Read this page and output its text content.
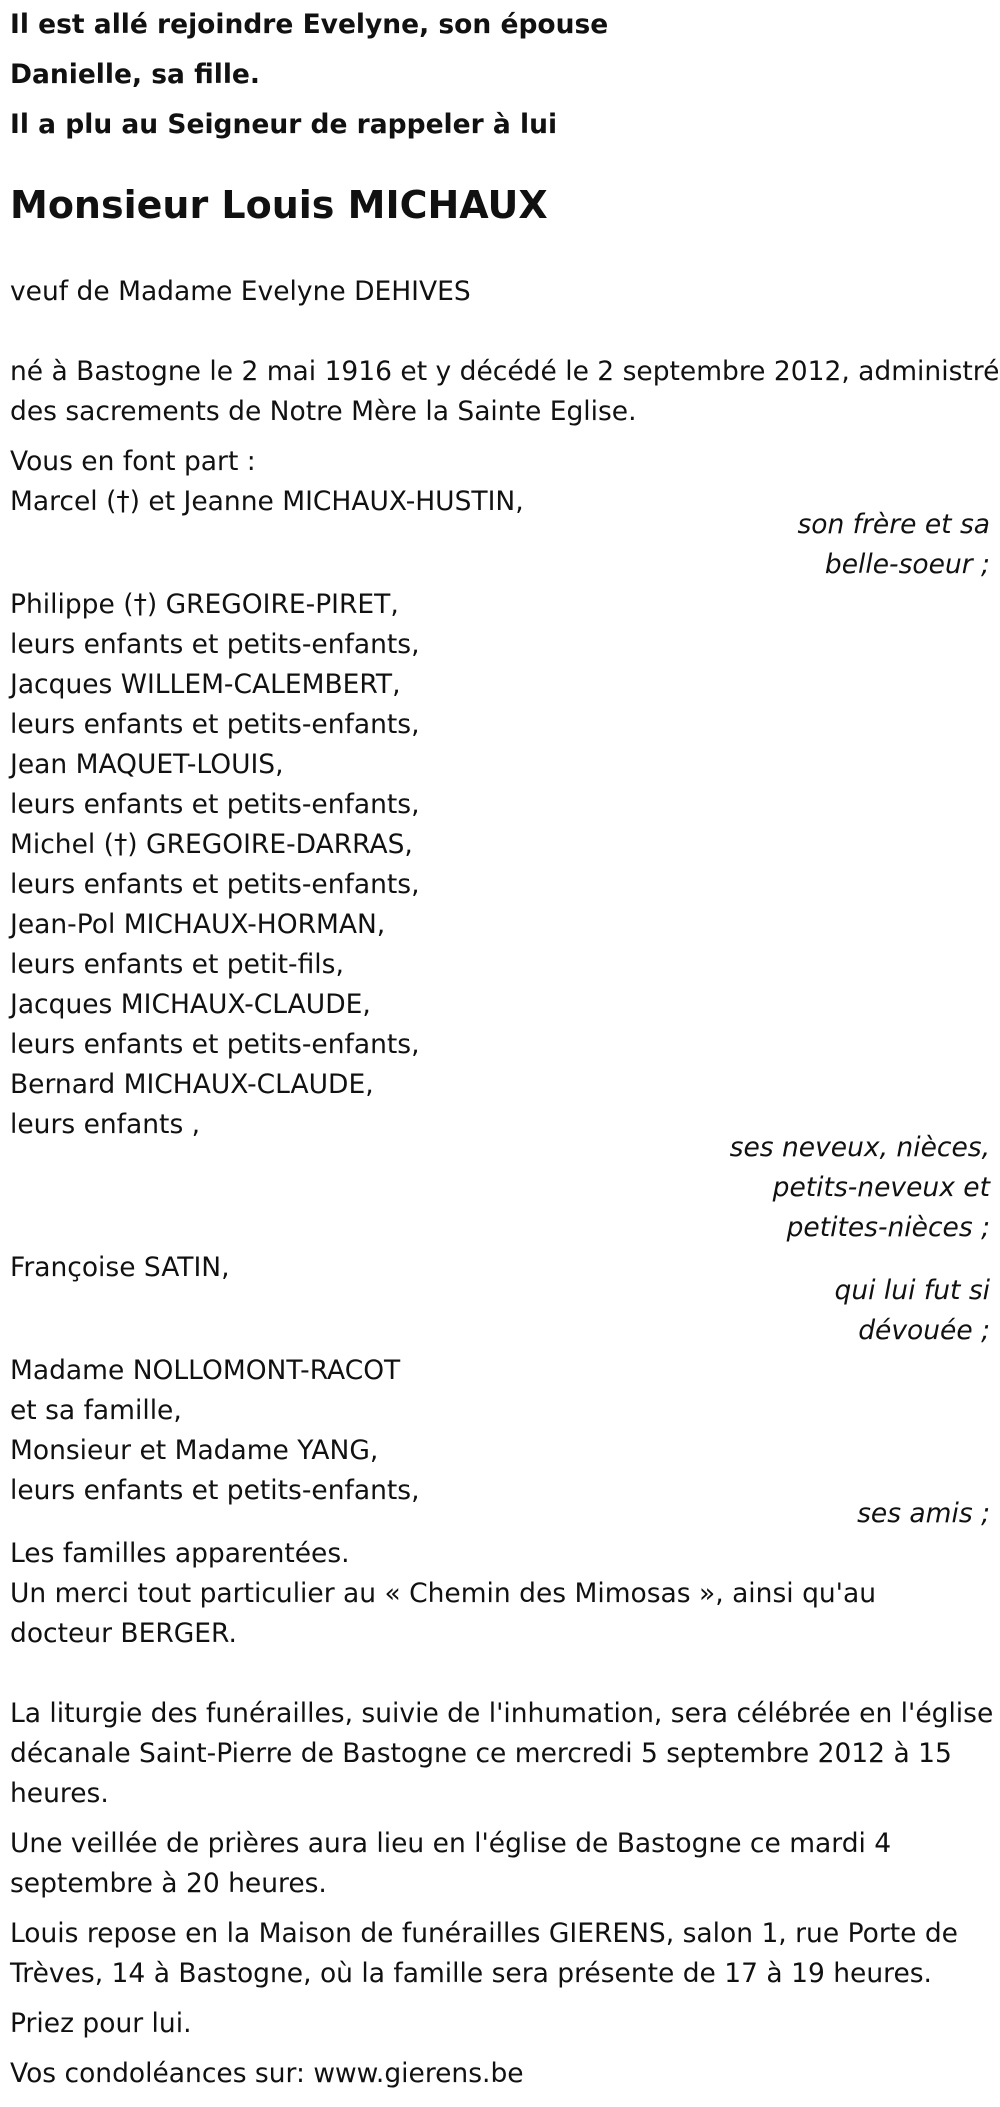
Il est allé rejoindre Evelyne, son épouse
Danielle, sa fille.
Il a plu au Seigneur de rappeler à lui
Monsieur Louis MICHAUX
veuf de Madame Evelyne DEHIVES
né à Bastogne le 2 mai 1916 et y décédé le 2 septembre 2012, administré
des sacrements de Notre Mère la Sainte Eglise.
Vous en font part :
Marcel (†) et Jeanne MICHAUX-HUSTIN,
son frère et sa
belle-soeur ;
Philippe (†) GREGOIRE-PIRET,
leurs enfants et petits-enfants,
Jacques WILLEM-CALEMBERT,
leurs enfants et petits-enfants,
Jean MAQUET-LOUIS,
leurs enfants et petits-enfants,
Michel (†) GREGOIRE-DARRAS,
leurs enfants et petits-enfants,
Jean-Pol MICHAUX-HORMAN,
leurs enfants et petit-fils,
Jacques MICHAUX-CLAUDE,
leurs enfants et petits-enfants,
Bernard MICHAUX-CLAUDE,
leurs enfants ,
ses neveux, nièces,
petits-neveux et
petites-nièces ;
Françoise SATIN,
qui lui fut si
dévouée ;
Madame NOLLOMONT-RACOT
et sa famille,
Monsieur et Madame YANG,
leurs enfants et petits-enfants,
ses amis ;
Les familles apparentées.
Un merci tout particulier au « Chemin des Mimosas », ainsi qu'au
docteur BERGER.
La liturgie des funérailles, suivie de l'inhumation, sera célébrée en l'église
décanale Saint-Pierre de Bastogne ce mercredi 5 septembre 2012 à 15
heures.
Une veillée de prières aura lieu en l'église de Bastogne ce mardi 4
septembre à 20 heures.
Louis repose en la Maison de funérailles GIERENS, salon 1, rue Porte de
Trèves, 14 à Bastogne, où la famille sera présente de 17 à 19 heures.
Priez pour lui.
Vos condoléances sur: www.gierens.be
